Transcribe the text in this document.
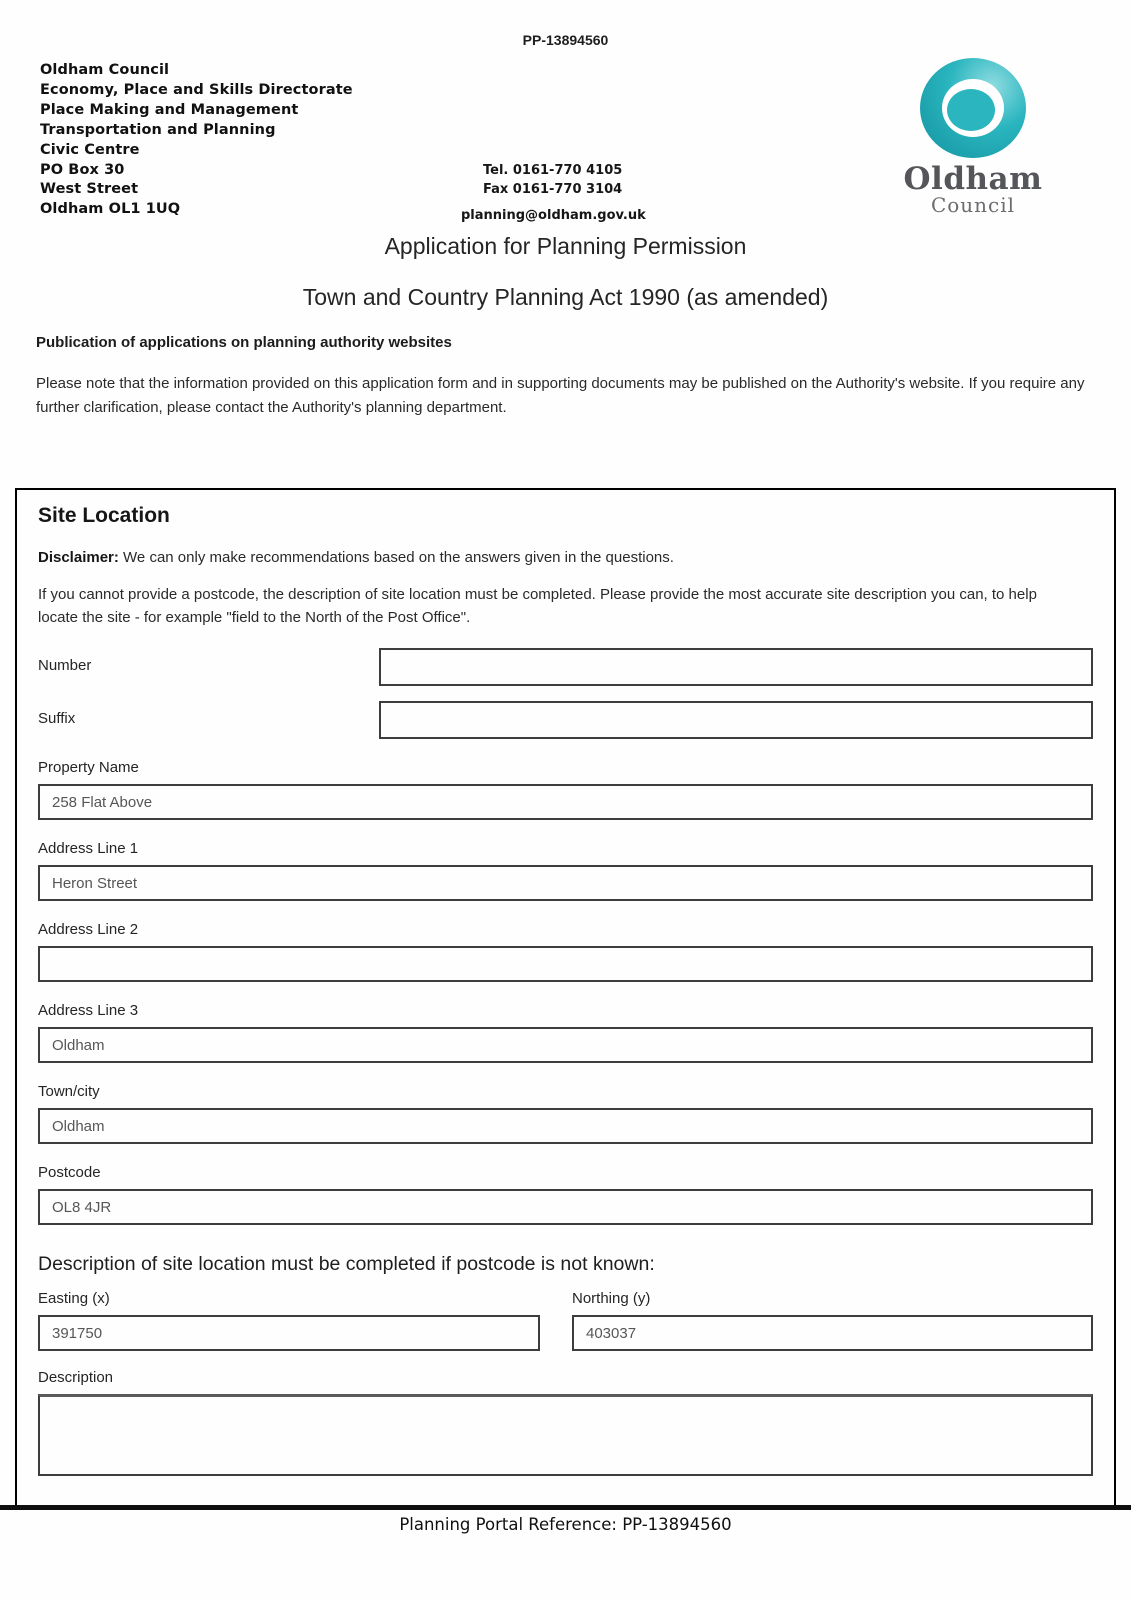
PP-13894560
Oldham Council
Economy, Place and Skills Directorate
Place Making and Management
Transportation and Planning
Civic Centre
PO Box 30
West Street
Oldham OL1 1UQ
Tel. 0161-770 4105
Fax 0161-770 3104
planning@oldham.gov.uk
Oldham
Council
Application for Planning Permission
Town and Country Planning Act 1990 (as amended)
Publication of applications on planning authority websites
Please note that the information provided on this application form and in supporting documents may be published on the Authority's website. If you require any further clarification, please contact the Authority's planning department.
Site Location
Disclaimer: We can only make recommendations based on the answers given in the questions.
If you cannot provide a postcode, the description of site location must be completed. Please provide the most accurate site description you can, to help locate the site - for example "field to the North of the Post Office".
Number
Suffix
Property Name
258 Flat Above
Address Line 1
Heron Street
Address Line 2
Address Line 3
Oldham
Town/city
Oldham
Postcode
OL8 4JR
Description of site location must be completed if postcode is not known:
Easting (x)
391750	Northing (y)
403037
Description
Planning Portal Reference: PP-13894560
